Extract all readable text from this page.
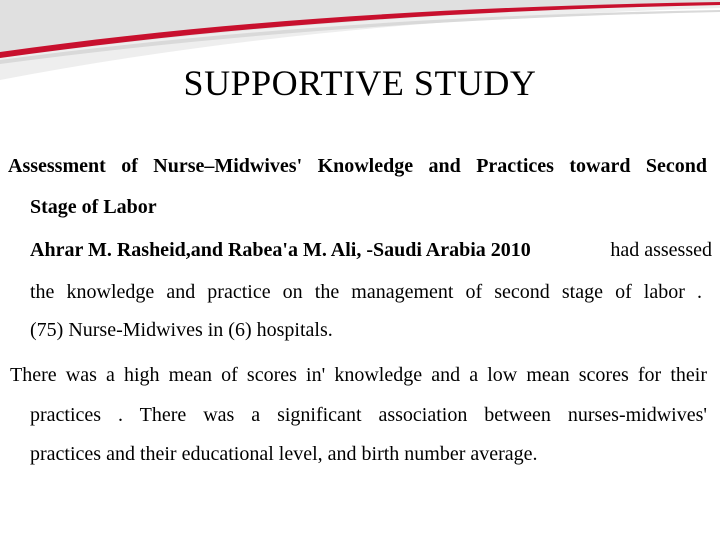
SUPPORTIVE STUDY
Assessment of Nurse–Midwives' Knowledge and Practices toward Second
Stage of Labor
Ahrar M. Rasheid,and Rabea'a M. Ali, -Saudi Arabia 2010	had assessed
the knowledge and practice on the management of second stage of labor .
(75) Nurse-Midwives in (6) hospitals.
There was a high mean of scores in' knowledge and a low mean scores for their
practices . There was a significant association between nurses-midwives'
practices and their educational level, and birth number average.
